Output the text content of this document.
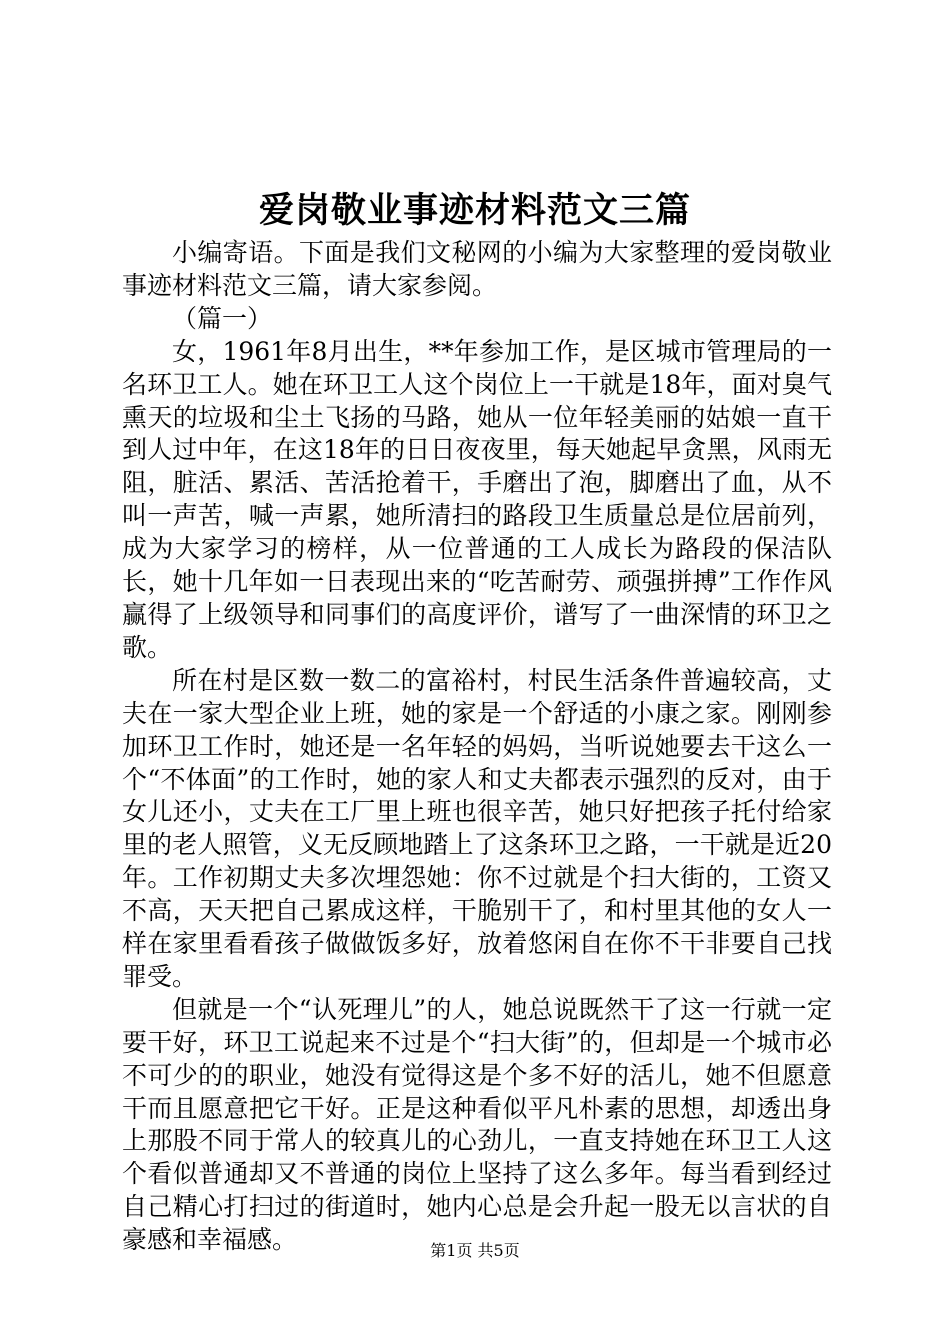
爱岗敬业事迹材料范文三篇

小编寄语。下面是我们文秘网的小编为大家整理的爱岗敬业事迹材料范文三篇，请大家参阅。

（篇一）

女，1961年8月出生，**年参加工作，是区城市管理局的一名环卫工人。她在环卫工人这个岗位上一干就是18年，面对臭气熏天的垃圾和尘土飞扬的马路，她从一位年轻美丽的姑娘一直干到人过中年，在这18年的日日夜夜里，每天她起早贪黑，风雨无阻，脏活、累活、苦活抢着干，手磨出了泡，脚磨出了血，从不叫一声苦，喊一声累，她所清扫的路段卫生质量总是位居前列，成为大家学习的榜样，从一位普通的工人成长为路段的保洁队长，她十几年如一日表现出来的“吃苦耐劳、顽强拼搏”工作作风赢得了上级领导和同事们的高度评价，谱写了一曲深情的环卫之歌。

所在村是区数一数二的富裕村，村民生活条件普遍较高，丈夫在一家大型企业上班，她的家是一个舒适的小康之家。刚刚参加环卫工作时，她还是一名年轻的妈妈，当听说她要去干这么一个“不体面”的工作时，她的家人和丈夫都表示强烈的反对，由于女儿还小，丈夫在工厂里上班也很辛苦，她只好把孩子托付给家里的老人照管，义无反顾地踏上了这条环卫之路，一干就是近20年。工作初期丈夫多次埋怨她：你不过就是个扫大街的，工资又不高，天天把自己累成这样，干脆别干了，和村里其他的女人一样在家里看看孩子做做饭多好，放着悠闲自在你不干非要自己找罪受。

但就是一个“认死理儿”的人，她总说既然干了这一行就一定要干好，环卫工说起来不过是个“扫大街”的，但却是一个城市必不可少的的职业，她没有觉得这是个多不好的活儿，她不但愿意干而且愿意把它干好。正是这种看似平凡朴素的思想，却透出身上那股不同于常人的较真儿的心劲儿，一直支持她在环卫工人这个看似普通却又不普通的岗位上坚持了这么多年。每当看到经过自己精心打扫过的街道时，她内心总是会升起一股无以言状的自豪感和幸福感。	第1页 共5页
